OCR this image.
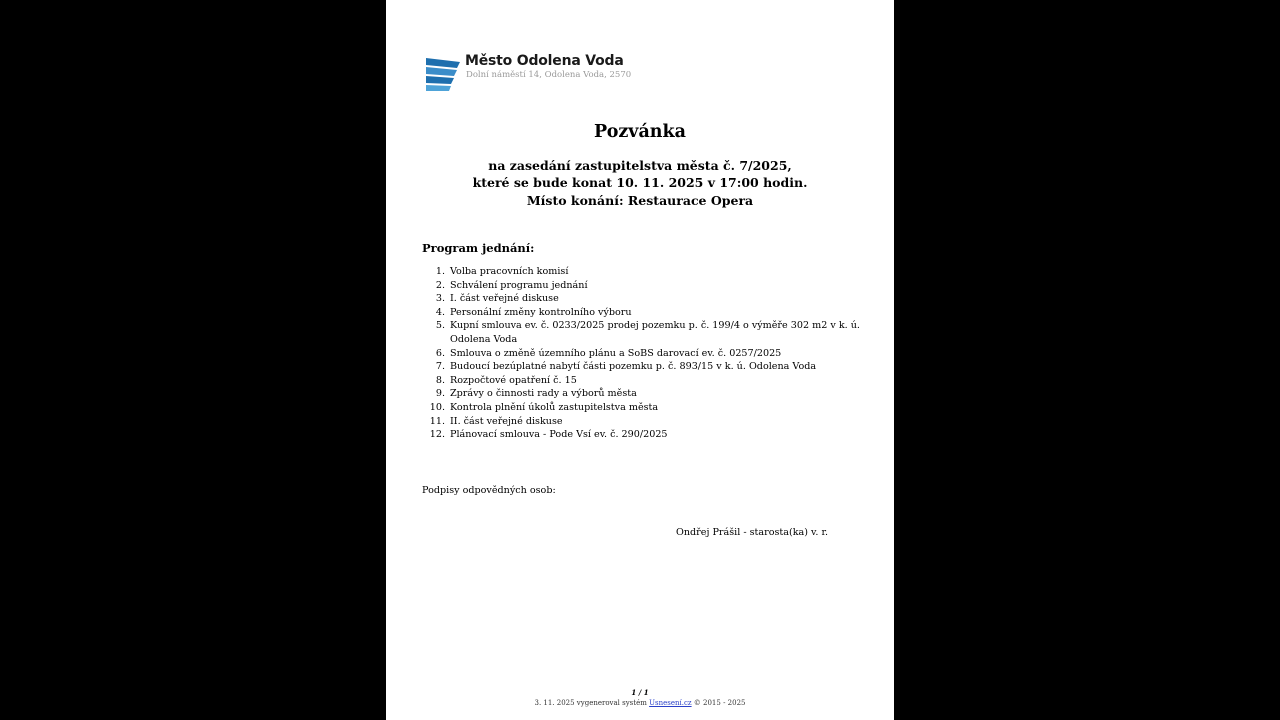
Město Odolena Voda
Dolní náměstí 14, Odolena Voda, 2570
Pozvánka
na zasedání zastupitelstva města č. 7/2025,
které se bude konat 10. 11. 2025 v 17:00 hodin.
Místo konání: Restaurace Opera
Program jednání:
1. Volba pracovních komisí
2. Schválení programu jednání
3. I. část veřejné diskuse
4. Personální změny kontrolního výboru
5. Kupní smlouva ev. č. 0233/2025 prodej pozemku p. č. 199/4 o výměře 302 m2 v k. ú. Odolena Voda
6. Smlouva o změně územního plánu a SoBS darovací ev. č. 0257/2025
7. Budoucí bezúplatné nabytí části pozemku p. č. 893/15 v k. ú. Odolena Voda
8. Rozpočtové opatření č. 15
9. Zprávy o činnosti rady a výborů města
10. Kontrola plnění úkolů zastupitelstva města
11. II. část veřejné diskuse
12. Plánovací smlouva - Pode Vsí ev. č. 290/2025
Podpisy odpovědných osob:
Ondřej Prášil - starosta(ka) v. r.
1 / 1
3. 11. 2025 vygeneroval systém Usnesení.cz © 2015 - 2025
